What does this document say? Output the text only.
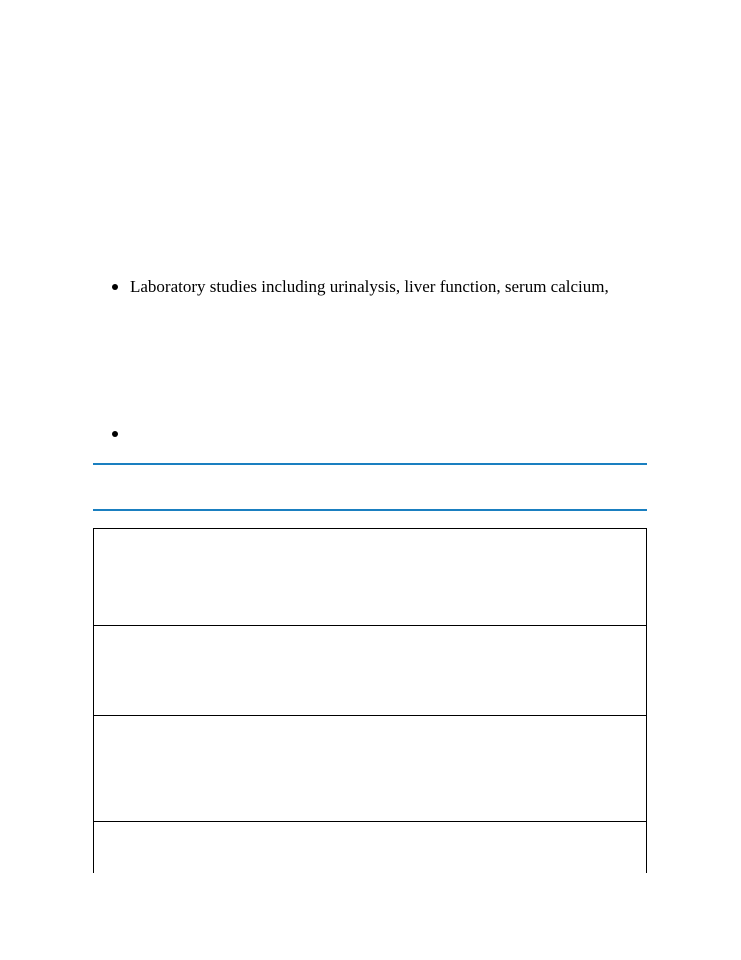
Laboratory studies including urinalysis, liver function, serum calcium,
